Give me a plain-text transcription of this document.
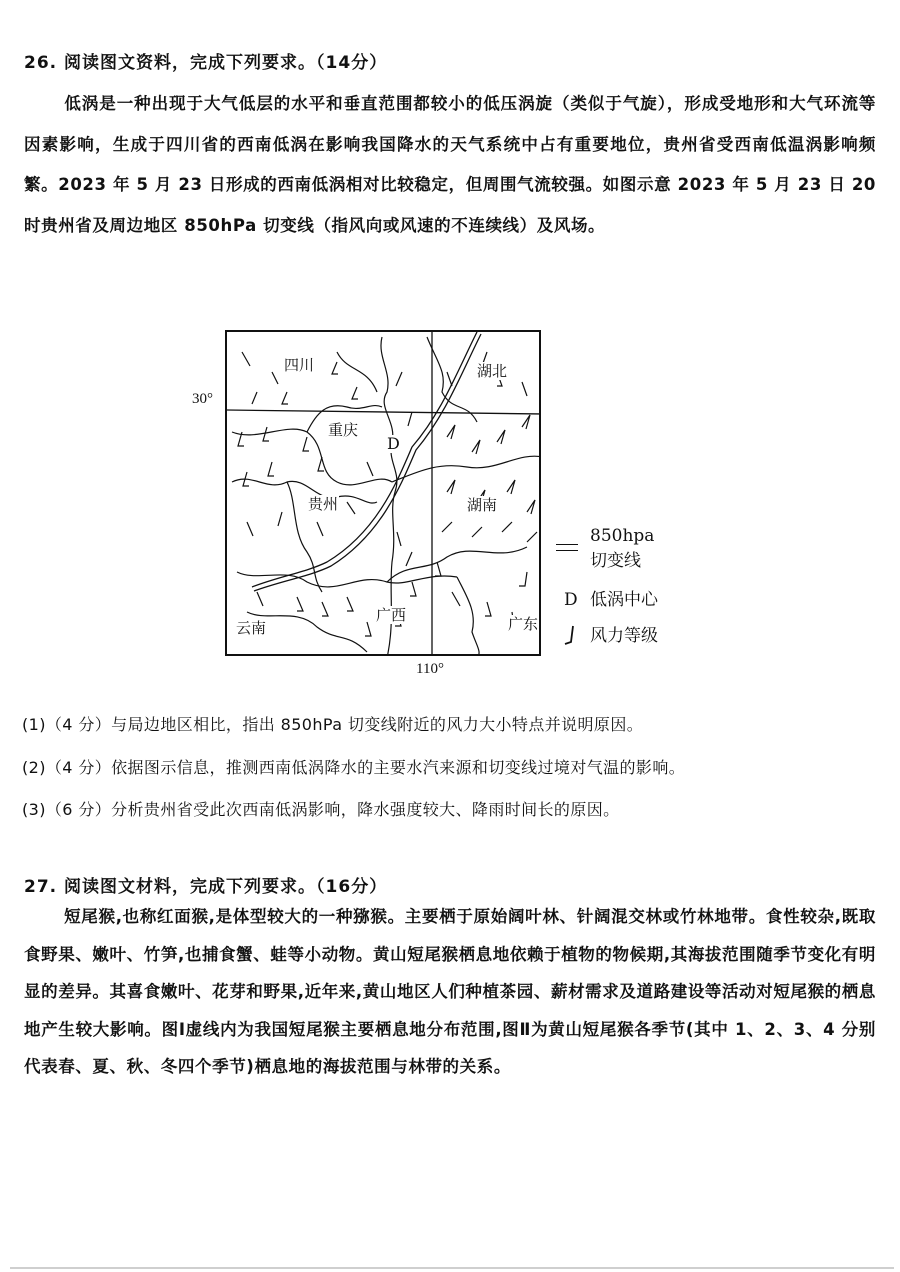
26. 阅读图文资料，完成下列要求。（14分）
低涡是一种出现于大气低层的水平和垂直范围都较小的低压涡旋（类似于气旋），形成受地形和大气环流等因素影响，生成于四川省的西南低涡在影响我国降水的天气系统中占有重要地位，贵州省受西南低温涡影响频繁。2023 年 5 月 23 日形成的西南低涡相对比较稳定，但周围气流较强。如图示意 2023 年 5 月 23 日 20 时贵州省及周边地区 850hPa 切变线（指风向或风速的不连续线）及风场。
30°
四川	湖北
重庆
D
贵州	湖南
云南
广西	广东
110°
850hpa
切变线
D 低涡中心
风力等级
(1)（4 分）与局边地区相比，指出 850hPa 切变线附近的风力大小特点并说明原因。
(2)（4 分）依据图示信息，推测西南低涡降水的主要水汽来源和切变线过境对气温的影响。
(3)（6 分）分析贵州省受此次西南低涡影响，降水强度较大、降雨时间长的原因。
27. 阅读图文材料，完成下列要求。（16分）
短尾猴,也称红面猴,是体型较大的一种猕猴。主要栖于原始阔叶林、针阔混交林或竹林地带。食性较杂,既取食野果、嫩叶、竹笋,也捕食蟹、蛙等小动物。黄山短尾猴栖息地依赖于植物的物候期,其海拔范围随季节变化有明显的差异。其喜食嫩叶、花芽和野果,近年来,黄山地区人们种植茶园、薪材需求及道路建设等活动对短尾猴的栖息地产生较大影响。图Ⅰ虚线内为我国短尾猴主要栖息地分布范围,图Ⅱ为黄山短尾猴各季节(其中 1、2、3、4 分别代表春、夏、秋、冬四个季节)栖息地的海拔范围与林带的关系。
